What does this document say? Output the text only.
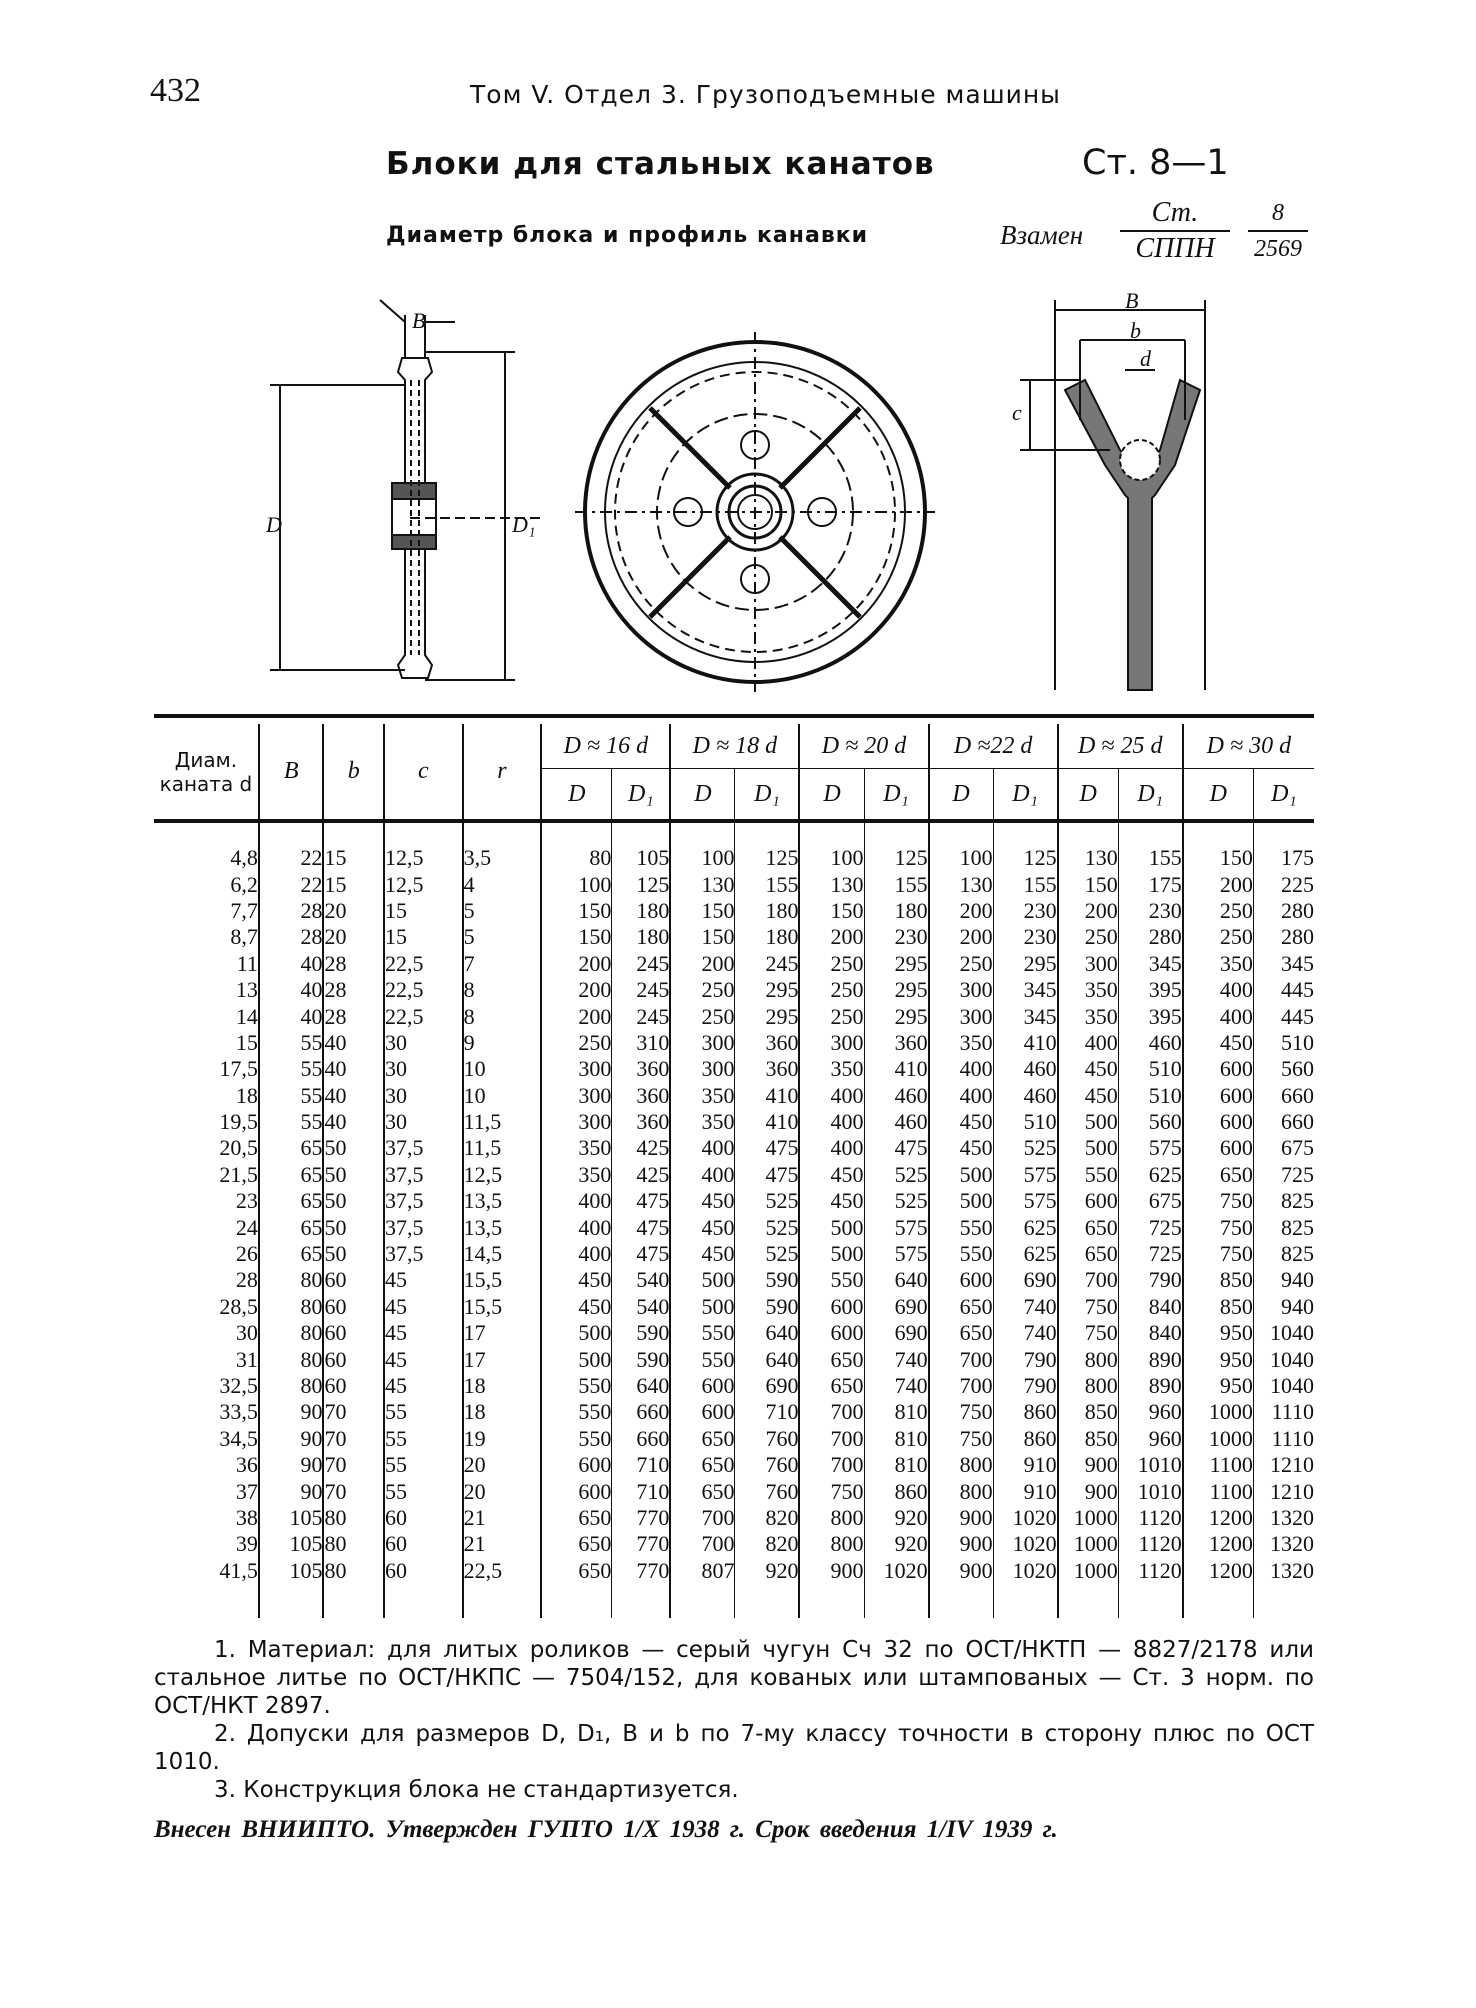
432	Том V. Отдел 3. Грузоподъемные машины
Блоки для стальных канатов	Ст. 8—1
Диаметр блока и профиль канавки	Взамен
Ст.
СППН	$\frac{8}{2569}$
B
D	D₁
B
b
d
c

Диам. каната d	B	b	c	r	D ≈ 16 d		D ≈ 18 d		D ≈ 20 d		D ≈22 d		D ≈ 25 d		D ≈ 30 d	
					D	D₁	D	D₁	D	D₁	D	D₁	D	D₁	D	D₁

4,8	22	15	12,5	3,5	80	105	100	125	100	125	100	125	130	155	150	175
6,2	22	15	12,5	4	100	125	130	155	130	155	130	155	150	175	200	225
7,7	28	20	15	5	150	180	150	180	150	180	200	230	200	230	250	280
8,7	28	20	15	5	150	180	150	180	200	230	200	230	250	280	250	280
11	40	28	22,5	7	200	245	200	245	250	295	250	295	300	345	350	345
13	40	28	22,5	8	200	245	250	295	250	295	300	345	350	395	400	445
14	40	28	22,5	8	200	245	250	295	250	295	300	345	350	395	400	445
15	55	40	30	9	250	310	300	360	300	360	350	410	400	460	450	510
17,5	55	40	30	10	300	360	300	360	350	410	400	460	450	510	600	560
18	55	40	30	10	300	360	350	410	400	460	400	460	450	510	600	660
19,5	55	40	30	11,5	300	360	350	410	400	460	450	510	500	560	600	660
20,5	65	50	37,5	11,5	350	425	400	475	400	475	450	525	500	575	600	675
21,5	65	50	37,5	12,5	350	425	400	475	450	525	500	575	550	625	650	725
23	65	50	37,5	13,5	400	475	450	525	450	525	500	575	600	675	750	825
24	65	50	37,5	13,5	400	475	450	525	500	575	550	625	650	725	750	825
26	65	50	37,5	14,5	400	475	450	525	500	575	550	625	650	725	750	825
28	80	60	45	15,5	450	540	500	590	550	640	600	690	700	790	850	940
28,5	80	60	45	15,5	450	540	500	590	600	690	650	740	750	840	850	940
30	80	60	45	17	500	590	550	640	600	690	650	740	750	840	950	1040
31	80	60	45	17	500	590	550	640	650	740	700	790	800	890	950	1040
32,5	80	60	45	18	550	640	600	690	650	740	700	790	800	890	950	1040
33,5	90	70	55	18	550	660	600	710	700	810	750	860	850	960	1000	1110
34,5	90	70	55	19	550	660	650	760	700	810	750	860	850	960	1000	1110
36	90	70	55	20	600	710	650	760	700	810	800	910	900	1010	1100	1210
37	90	70	55	20	600	710	650	760	750	860	800	910	900	1010	1100	1210
38	105	80	60	21	650	770	700	820	800	920	900	1020	1000	1120	1200	1320
39	105	80	60	21	650	770	700	820	800	920	900	1020	1000	1120	1200	1320
41,5	105	80	60	22,5	650	770	807	920	900	1020	900	1020	1000	1120	1200	1320

1. Материал: для литых роликов — серый чугун Сч 32 по ОСТ/НКТП — 8827/2178 или стальное литье по ОСТ/НКПС — 7504/152, для кованых или штампованых — Ст. 3 норм. по ОСТ/НКТ 2897.

2. Допуски для размеров D, D₁, B и b по 7-му классу точности в сторону плюс по ОСТ 1010.

3. Конструкция блока не стандартизуется.

Внесен ВНИИПТО. Утвержден ГУПТО 1/X 1938 г. Срок введения 1/IV 1939 г.
